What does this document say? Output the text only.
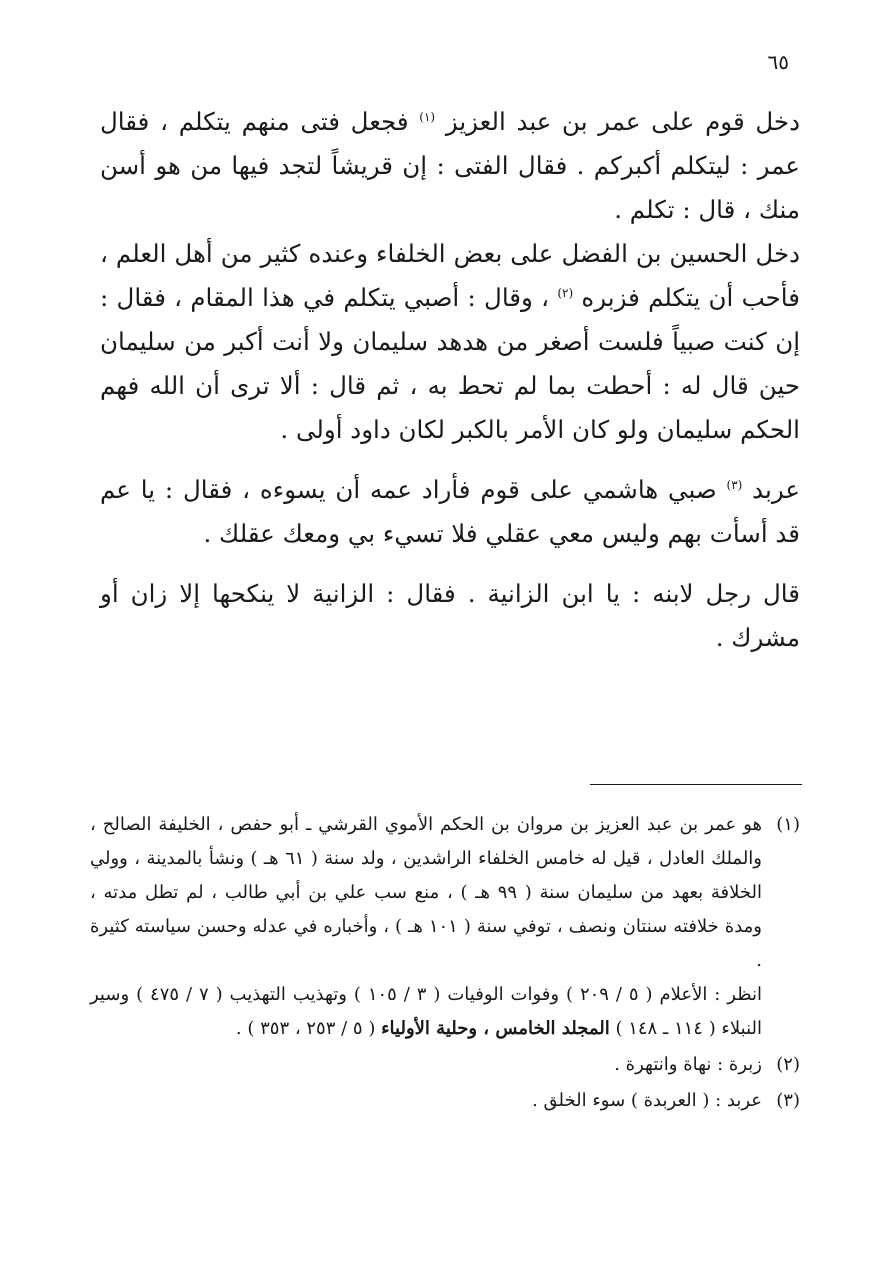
٦٥

دخل قوم على عمر بن عبد العزيز $^{(١)}$ فجعل فتى منهم يتكلم ، فقال عمر : ليتكلم أكبركم . فقال الفتى : إن قريشاً لتجد فيها من هو أسن منك ، قال : تكلم .

دخل الحسين بن الفضل على بعض الخلفاء وعنده كثير من أهل العلم ، فأحب أن يتكلم فزبره $^{(٢)}$ ، وقال : أصبي يتكلم في هذا المقام ، فقال : إن كنت صبياً فلست أصغر من هدهد سليمان ولا أنت أكبر من سليمان حين قال له : أحطت بما لم تحط به ، ثم قال : ألا ترى أن الله فهم الحكم سليمان ولو كان الأمر بالكبر لكان داود أولى .

عربد $^{(٣)}$ صبي هاشمي على قوم فأراد عمه أن يسوءه ، فقال : يا عم قد أسأت بهم وليس معي عقلي فلا تسيء بي ومعك عقلك .

قال رجل لابنه : يا ابن الزانية . فقال : الزانية لا ينكحها إلا زان أو مشرك .

(١)

هو عمر بن عبد العزيز بن مروان بن الحكم الأموي القرشي ـ أبو حفص ، الخليفة الصالح ، والملك العادل ، قيل له خامس الخلفاء الراشدين ، ولد سنة ( ٦١ هـ ) ونشأ بالمدينة ، وولي الخلافة بعهد من سليمان سنة ( ٩٩ هـ ) ، منع سب علي بن أبي طالب ، لم تطل مدته ، ومدة خلافته سنتان ونصف ، توفي سنة ( ١٠١ هـ ) ، وأخباره في عدله وحسن سياسته كثيرة .

انظر : الأعلام ( ٥ / ٢٠٩ ) وفوات الوفيات ( ٣ / ١٠٥ ) وتهذيب التهذيب ( ٧ / ٤٧٥ ) وسير النبلاء ( ١١٤ ـ ١٤٨ ) المجلد الخامس ، وحلية الأولياء ( ٥ / ٢٥٣ ، ٣٥٣ ) .

(٢)

زبرة : نهاة وانتهرة .

(٣)

عربد : ( العربدة ) سوء الخلق .
